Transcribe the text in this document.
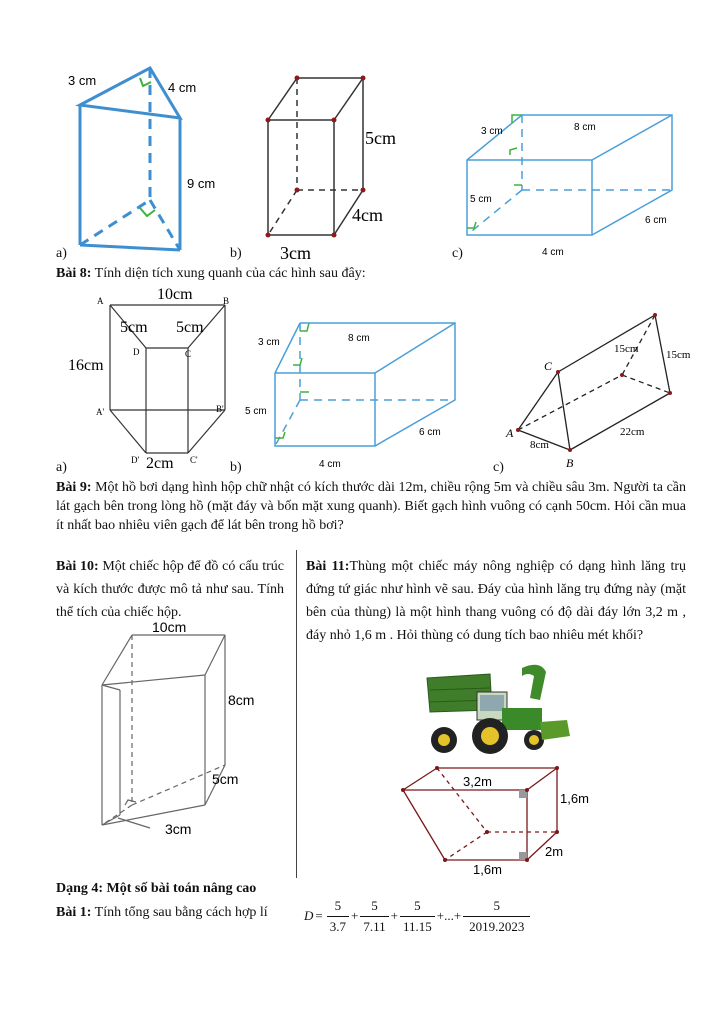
3 cm	4 cm
9 cm
a)
5cm
4cm
3cm
b)
3 cm	8 cm
5 cm
6 cm
4 cm
c)
Bài 8: Tính diện tích xung quanh của các hình sau đây:
10cm
5cm 5cm
16cm
2cm
A	B
D	C
A'	B'
D'	C'
a)
3 cm	8 cm
5 cm
6 cm
4 cm
b)
C
A
B
15cm	15cm
22cm
8cm
c)
Bài 9: Một hồ bơi dạng hình hộp chữ nhật có kích thước dài 12m, chiều rộng 5m và chiều sâu 3m. Người ta cần lát gạch bên trong lòng hồ (mặt đáy và bốn mặt xung quanh). Biết gạch hình vuông có cạnh 50cm. Hỏi cần mua ít nhất bao nhiêu viên gạch để lát bên trong hồ bơi?
Bài 10: Một chiếc hộp để đồ có cấu trúc và kích thước được mô tả như sau. Tính thể tích của chiếc hộp.
10cm
8cm
5cm
3cm
Bài 11:Thùng một chiếc máy nông nghiệp có dạng hình lăng trụ đứng tứ giác như hình vẽ sau. Đáy của hình lăng trụ đứng này (mặt bên của thùng) là một hình thang vuông có độ dài đáy lớn 3,2 m , đáy nhỏ 1,6 m . Hỏi thùng có dung tích bao nhiêu mét khối?
3,2m
1,6m
2m
1,6m
Dạng 4: Một số bài toán nâng cao
Bài 1: Tính tổng sau bằng cách hợp lí	$D = \frac{5}{3.7} + \frac{5}{7.11} + \frac{5}{11.15}$ + ... + $\frac{5}{2019.2023}$
